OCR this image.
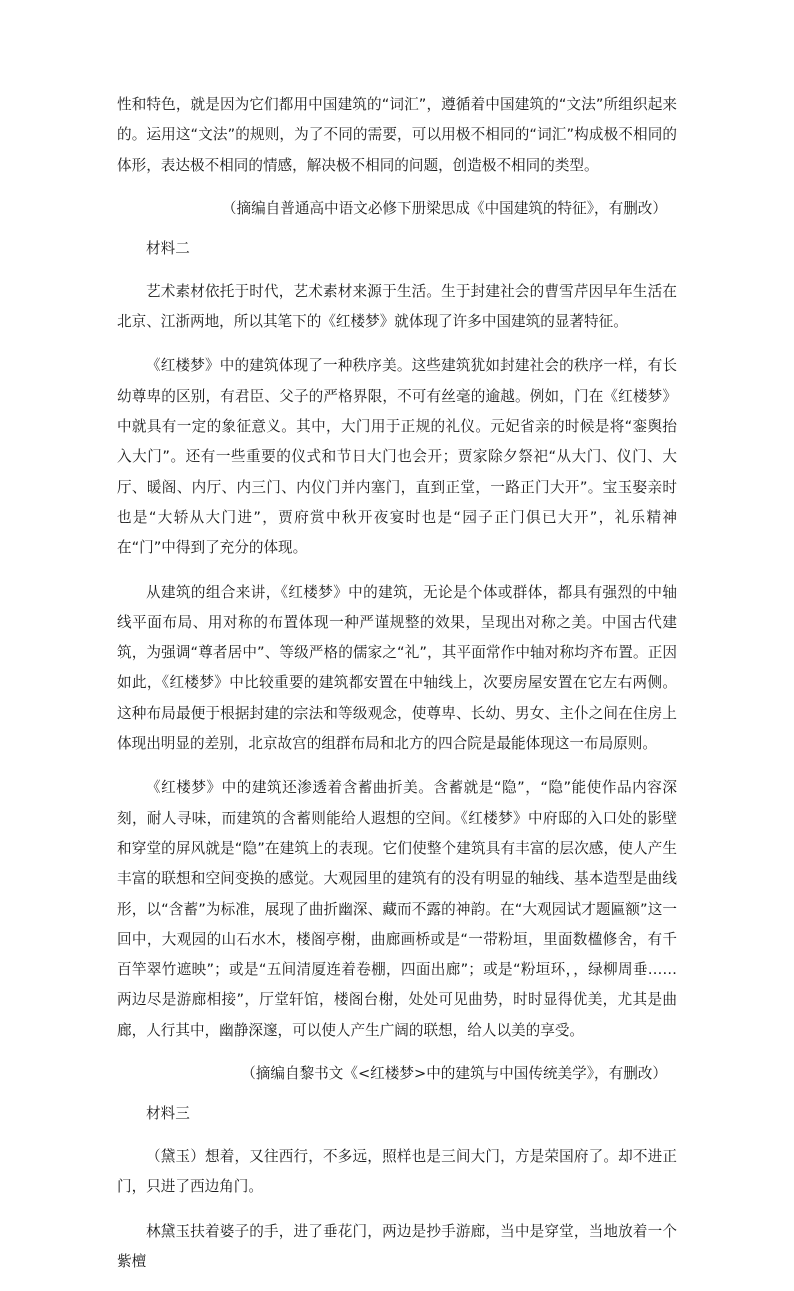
性和特色，就是因为它们都用中国建筑的“词汇”，遵循着中国建筑的“文法”所组织起来的。运用这“文法”的规则，为了不同的需要，可以用极不相同的“词汇”构成极不相同的体形，表达极不相同的情感，解决极不相同的问题，创造极不相同的类型。

（摘编自普通高中语文必修下册梁思成《中国建筑的特征》，有删改）

材料二

艺术素材依托于时代，艺术素材来源于生活。生于封建社会的曹雪芹因早年生活在北京、江浙两地，所以其笔下的《红楼梦》就体现了许多中国建筑的显著特征。

《红楼梦》中的建筑体现了一种秩序美。这些建筑犹如封建社会的秩序一样，有长幼尊卑的区别，有君臣、父子的严格界限，不可有丝毫的逾越。例如，门在《红楼梦》中就具有一定的象征意义。其中，大门用于正规的礼仪。元妃省亲的时候是将“銮舆抬入大门”。还有一些重要的仪式和节日大门也会开；贾家除夕祭祀“从大门、仪门、大厅、暖阁、内厅、内三门、内仪门并内塞门，直到正堂，一路正门大开”。宝玉娶亲时也是“大轿从大门进”，贾府赏中秋开夜宴时也是“园子正门俱已大开”，礼乐精神在“门”中得到了充分的体现。

从建筑的组合来讲，《红楼梦》中的建筑，无论是个体或群体，都具有强烈的中轴线平面布局、用对称的布置体现一种严谨规整的效果，呈现出对称之美。中国古代建筑，为强调“尊者居中”、等级严格的儒家之“礼”，其平面常作中轴对称均齐布置。正因如此，《红楼梦》中比较重要的建筑都安置在中轴线上，次要房屋安置在它左右两侧。这种布局最便于根据封建的宗法和等级观念，使尊卑、长幼、男女、主仆之间在住房上体现出明显的差别，北京故宫的组群布局和北方的四合院是最能体现这一布局原则。

《红楼梦》中的建筑还渗透着含蓄曲折美。含蓄就是“隐”，“隐”能使作品内容深刻，耐人寻味，而建筑的含蓄则能给人遐想的空间。《红楼梦》中府邸的入口处的影壁和穿堂的屏风就是“隐”在建筑上的表现。它们使整个建筑具有丰富的层次感，使人产生丰富的联想和空间变换的感觉。大观园里的建筑有的没有明显的轴线、基本造型是曲线形，以“含蓄”为标准，展现了曲折幽深、藏而不露的神韵。在“大观园试才题匾额”这一回中，大观园的山石水木，楼阁亭榭，曲廊画桥或是“一带粉垣，里面数楹修舍，有千百竿翠竹遮映”；或是“五间清厦连着卷棚，四面出廊”；或是“粉垣环，，绿柳周垂……两边尽是游廊相接”，厅堂轩馆，楼阁台榭，处处可见曲势，时时显得优美，尤其是曲廊，人行其中，幽静深邃，可以使人产生广阔的联想，给人以美的享受。

（摘编自黎书文《<红楼梦>中的建筑与中国传统美学》，有删改）

材料三

（黛玉）想着，又往西行，不多远，照样也是三间大门，方是荣国府了。却不进正门，只进了西边角门。

林黛玉扶着婆子的手，进了垂花门，两边是抄手游廊，当中是穿堂，当地放着一个紫檀
